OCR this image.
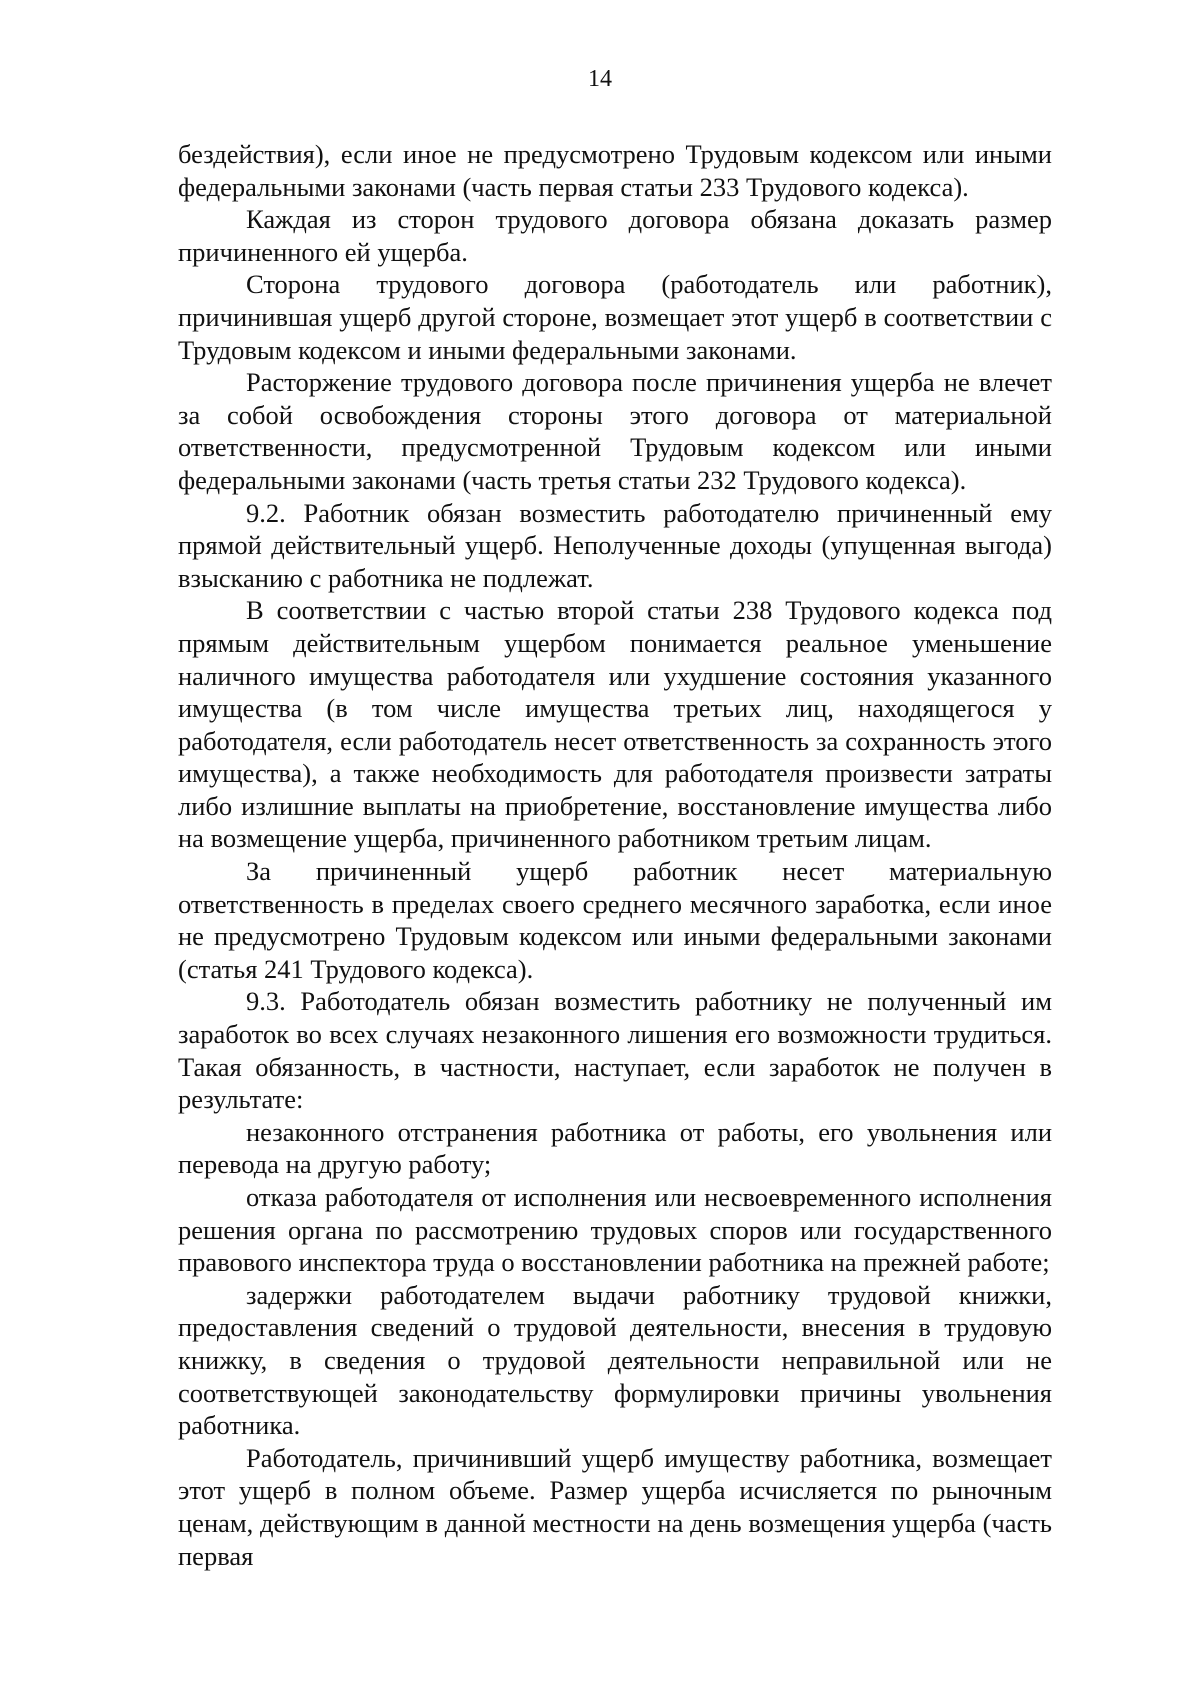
14

бездействия), если иное не предусмотрено Трудовым кодексом или иными федеральными законами (часть первая статьи 233 Трудового кодекса).

Каждая из сторон трудового договора обязана доказать размер причиненного ей ущерба.

Сторона трудового договора (работодатель или работник), причинившая ущерб другой стороне, возмещает этот ущерб в соответствии с Трудовым кодексом и иными федеральными законами.

Расторжение трудового договора после причинения ущерба не влечет за собой освобождения стороны этого договора от материальной ответственности, предусмотренной Трудовым кодексом или иными федеральными законами (часть третья статьи 232 Трудового кодекса).

9.2. Работник обязан возместить работодателю причиненный ему прямой действительный ущерб. Неполученные доходы (упущенная выгода) взысканию с работника не подлежат.

В соответствии с частью второй статьи 238 Трудового кодекса под прямым действительным ущербом понимается реальное уменьшение наличного имущества работодателя или ухудшение состояния указанного имущества (в том числе имущества третьих лиц, находящегося у работодателя, если работодатель несет ответственность за сохранность этого имущества), а также необходимость для работодателя произвести затраты либо излишние выплаты на приобретение, восстановление имущества либо на возмещение ущерба, причиненного работником третьим лицам.

За причиненный ущерб работник несет материальную ответственность в пределах своего среднего месячного заработка, если иное не предусмотрено Трудовым кодексом или иными федеральными законами (статья 241 Трудового кодекса).

9.3. Работодатель обязан возместить работнику не полученный им заработок во всех случаях незаконного лишения его возможности трудиться. Такая обязанность, в частности, наступает, если заработок не получен в результате:

незаконного отстранения работника от работы, его увольнения или перевода на другую работу;

отказа работодателя от исполнения или несвоевременного исполнения решения органа по рассмотрению трудовых споров или государственного правового инспектора труда о восстановлении работника на прежней работе;

задержки работодателем выдачи работнику трудовой книжки, предоставления сведений о трудовой деятельности, внесения в трудовую книжку, в сведения о трудовой деятельности неправильной или не соответствующей законодательству формулировки причины увольнения работника.

Работодатель, причинивший ущерб имуществу работника, возмещает этот ущерб в полном объеме. Размер ущерба исчисляется по рыночным ценам, действующим в данной местности на день возмещения ущерба (часть первая
